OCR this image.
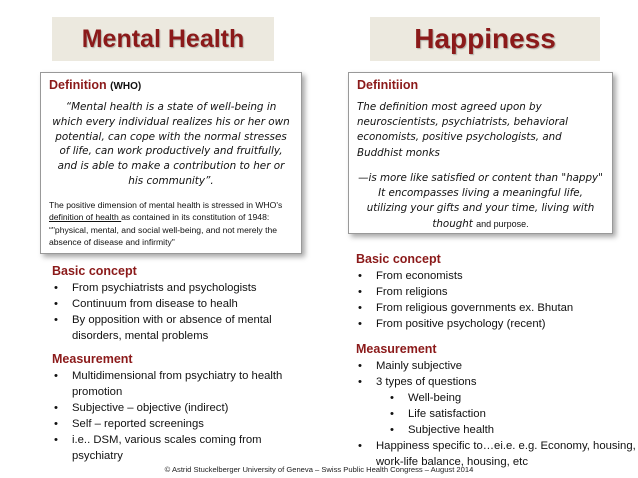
Mental Health	Happiness
Definition (WHO)
“Mental health is a state of well-being in which every individual realizes his or her own potential, can cope with the normal stresses of life, can work productively and fruitfully, and is able to make a contribution to her or his community”.
The positive dimension of mental health is stressed in WHO's definition of health as contained in its constitution of 1948: “"physical, mental, and social well-being, and not merely the absence of disease and infirmity"
Definitiion
The definition most agreed upon by neuroscientists, psychiatrists, behavioral economists, positive psychologists, and Buddhist monks
—is more like satisfied or content than "happy" It encompasses living a meaningful life, utilizing your gifts and your time, living with thought and purpose.
Basic concept
• From psychiatrists and psychologists
• Continuum from disease to healh
• By opposition with or absence of mental disorders, mental problems
Measurement
• Multidimensional from psychiatry to health promotion
• Subjective – objective (indirect)
• Self – reported screenings
• i.e.. DSM, various scales coming from psychiatry
Basic concept
• From economists
• From religions
• From religious governments ex. Bhutan
• From positive psychology (recent)
Measurement
• Mainly subjective
• 3 types of questions
• Well-being
• Life satisfaction
• Subjective health
• Happiness specific to…ei.e. e.g. Economy, housing, work-life balance, housing, etc
© Astrid Stuckelberger University of Geneva – Swiss Public Health Congress – August 2014
